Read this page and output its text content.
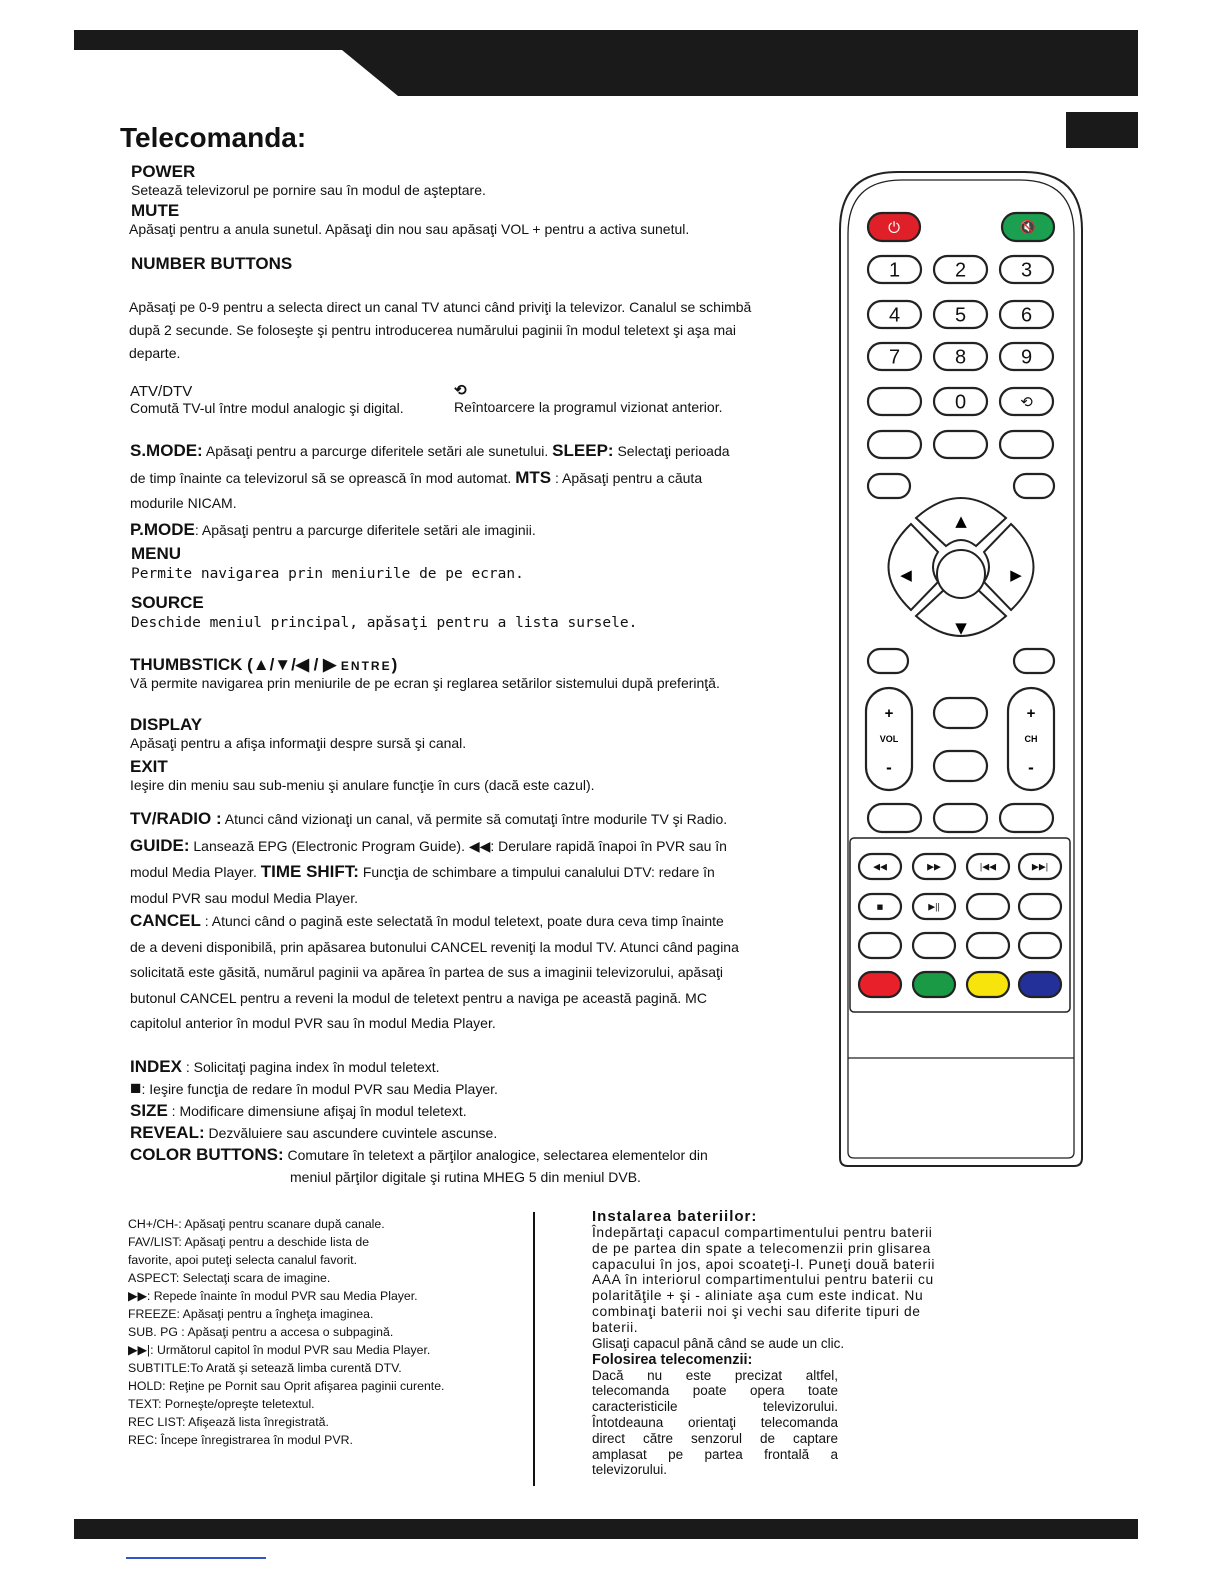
Telecomanda:

POWER

Setează televizorul pe pornire sau în modul de aşteptare.

MUTE

Apăsaţi pentru a anula sunetul. Apăsaţi din nou sau apăsaţi VOL + pentru a activa sunetul.

NUMBER BUTTONS

Apăsaţi pe 0-9 pentru a selecta direct un canal TV atunci când priviţi la televizor. Canalul se schimbă

după 2 secunde. Se foloseşte şi pentru introducerea numărului paginii în modul teletext şi aşa mai

departe.

ATV/DTV

Comută TV-ul între modul analogic şi digital.

⟲

Reîntoarcere la programul vizionat anterior.

S.MODE: Apăsaţi pentru a parcurge diferitele setări ale sunetului. SLEEP: Selectaţi perioada

de timp înainte ca televizorul să se oprească în mod automat. MTS : Apăsaţi pentru a căuta

modurile NICAM.

P.MODE: Apăsaţi pentru a parcurge diferitele setări ale imaginii.

MENU

Permite navigarea prin meniurile de pe ecran.

SOURCE

Deschide meniul principal, apăsaţi pentru a lista sursele.

THUMBSTICK (▲/▼/◀ / ▶ ENTRE)

Vă permite navigarea prin meniurile de pe ecran şi reglarea setărilor sistemului după preferinţă.

DISPLAY

Apăsaţi pentru a afişa informaţii despre sursă şi canal.

EXIT

Ieşire din meniu sau sub-meniu şi anulare funcţie în curs (dacă este cazul).

TV/RADIO : Atunci când vizionaţi un canal, vă permite să comutaţi între modurile TV şi Radio.

GUIDE: Lansează EPG (Electronic Program Guide). ◀◀: Derulare rapidă înapoi în PVR sau în

modul Media Player. TIME SHIFT: Funcţia de schimbare a timpului canalului DTV: redare în

modul PVR sau modul Media Player.

CANCEL : Atunci când o pagină este selectată în modul teletext, poate dura ceva timp înainte

de a deveni disponibilă, prin apăsarea butonului CANCEL reveniţi la modul TV. Atunci când pagina

solicitată este găsită, numărul paginii va apărea în partea de sus a imaginii televizorului, apăsaţi

butonul CANCEL pentru a reveni la modul de teletext pentru a naviga pe această pagină. MC

capitolul anterior în modul PVR sau în modul Media Player.

INDEX : Solicitaţi pagina index în modul teletext.

■: Ieşire funcţia de redare în modul PVR sau Media Player.

SIZE : Modificare dimensiune afişaj în modul teletext.

REVEAL: Dezvăluiere sau ascundere cuvintele ascunse.

COLOR BUTTONS: Comutare în teletext a părţilor analogice, selectarea elementelor din

meniul părţilor digitale şi rutina MHEG 5 din meniul DVB.

CH+/CH-: Apăsaţi pentru scanare după canale.

FAV/LIST: Apăsaţi pentru a deschide lista de

favorite, apoi puteţi selecta canalul favorit.

ASPECT: Selectaţi scara de imagine.

▶▶: Repede înainte în modul PVR sau Media Player.

FREEZE: Apăsaţi pentru a îngheţa imaginea.

SUB. PG : Apăsaţi pentru a accesa o subpagină.

▶▶|: Următorul capitol în modul PVR sau Media Player.

SUBTITLE:To Arată şi setează limba curentă DTV.

HOLD: Reţine pe Pornit sau Oprit afişarea paginii curente.

TEXT: Porneşte/opreşte teletextul.

REC LIST: Afişează lista înregistrată.

REC: Începe înregistrarea în modul PVR.

Instalarea bateriilor:

Îndepărtaţi capacul compartimentului pentru baterii

de pe partea din spate a telecomenzii prin glisarea

capacului în jos, apoi scoateţi-l. Puneţi două baterii

AAA în interiorul compartimentului pentru baterii cu

polarităţile + şi - aliniate aşa cum este indicat. Nu

combinaţi baterii noi şi vechi sau diferite tipuri de

baterii.

Glisaţi capacul până când se aude un clic.

Folosirea telecomenzii:

Dacă nu este precizat altfel,

telecomanda poate opera toate

caracteristicile televizorului.

Întotdeauna orientaţi telecomanda

direct către senzorul de captare

amplasat pe partea frontală a

televizorului.

⏻	🔇
1	2	3
4	5	6
7	8	9
0	⟲
▲
▼
◀	▶
+
VOL
-
+
CH
-
◀◀	▶▶	|◀◀	▶▶|
■	▶||
